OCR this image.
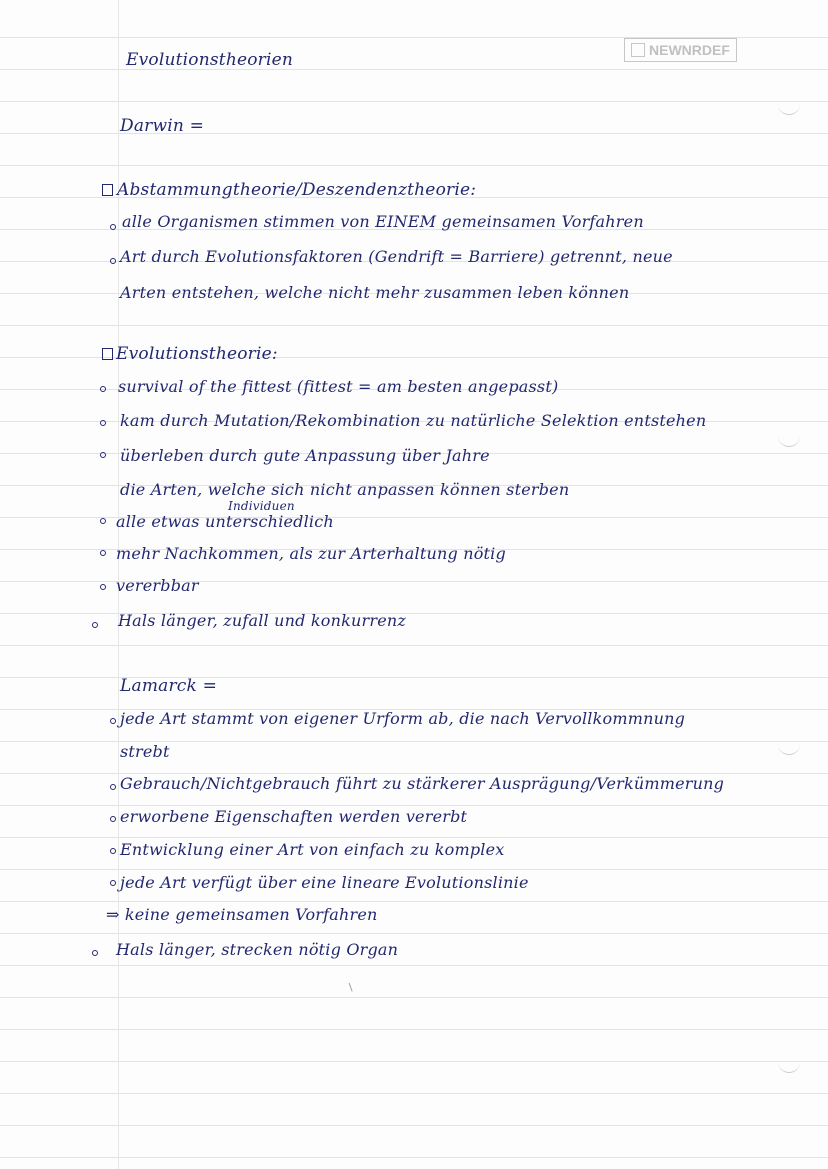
NEWNRDEF
Evolutionstheorien
Darwin =
Abstammungtheorie/Deszendenztheorie:
alle Organismen stimmen von EINEM gemeinsamen Vorfahren
Art durch Evolutionsfaktoren (Gendrift = Barriere) getrennt, neue
Arten entstehen, welche nicht mehr zusammen leben können
Evolutionstheorie:
survival of the fittest (fittest = am besten angepasst)
kam durch Mutation/Rekombination zu natürliche Selektion entstehen
überleben durch gute Anpassung über Jahre
die Arten, welche sich nicht anpassen können sterben
Individuen
alle etwas unterschiedlich
mehr Nachkommen, als zur Arterhaltung nötig
vererbbar
Hals länger, zufall und konkurrenz
Lamarck =
jede Art stammt von eigener Urform ab, die nach Vervollkommnung
strebt
Gebrauch/Nichtgebrauch führt zu stärkerer Ausprägung/Verkümmerung
erworbene Eigenschaften werden vererbt
Entwicklung einer Art von einfach zu komplex
jede Art verfügt über eine lineare Evolutionslinie
⇒ keine gemeinsamen Vorfahren
Hals länger, strecken nötig Organ
